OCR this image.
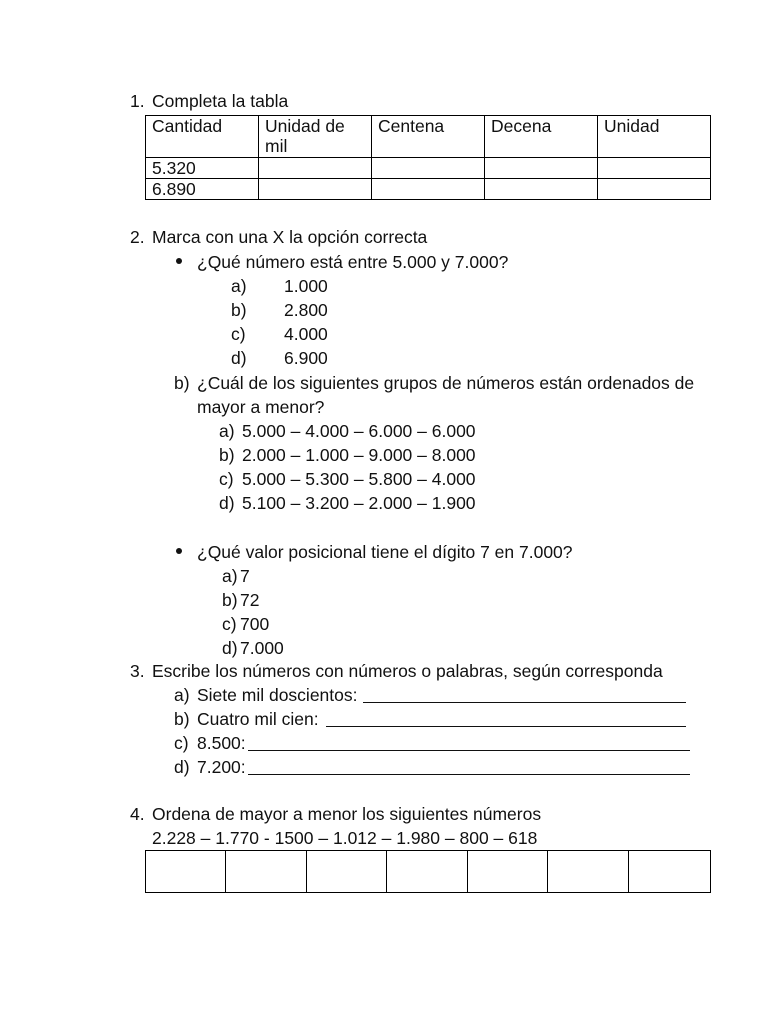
1. Completa la tabla
Cantidad	Unidad de mil	Centena	Decena	Unidad
5.320				
6.890				
2. Marca con una X la opción correcta
¿Qué número está entre 5.000 y 7.000?
a) 1.000
b) 2.800
c) 4.000
d) 6.900
b) ¿Cuál de los siguientes grupos de números están ordenados de
mayor a menor?
a) 5.000 – 4.000 – 6.000 – 6.000
b) 2.000 – 1.000 – 9.000 – 8.000
c) 5.000 – 5.300 – 5.800 – 4.000
d) 5.100 – 3.200 – 2.000 – 1.900
¿Qué valor posicional tiene el dígito 7 en 7.000?
a) 7
b) 72
c) 700
d) 7.000
3. Escribe los números con números o palabras, según corresponda
a) Siete mil doscientos:
b) Cuatro mil cien:
c) 8.500:
d) 7.200:
4. Ordena de mayor a menor los siguientes números
2.228 – 1.770 - 1500 – 1.012 – 1.980 – 800 – 618
